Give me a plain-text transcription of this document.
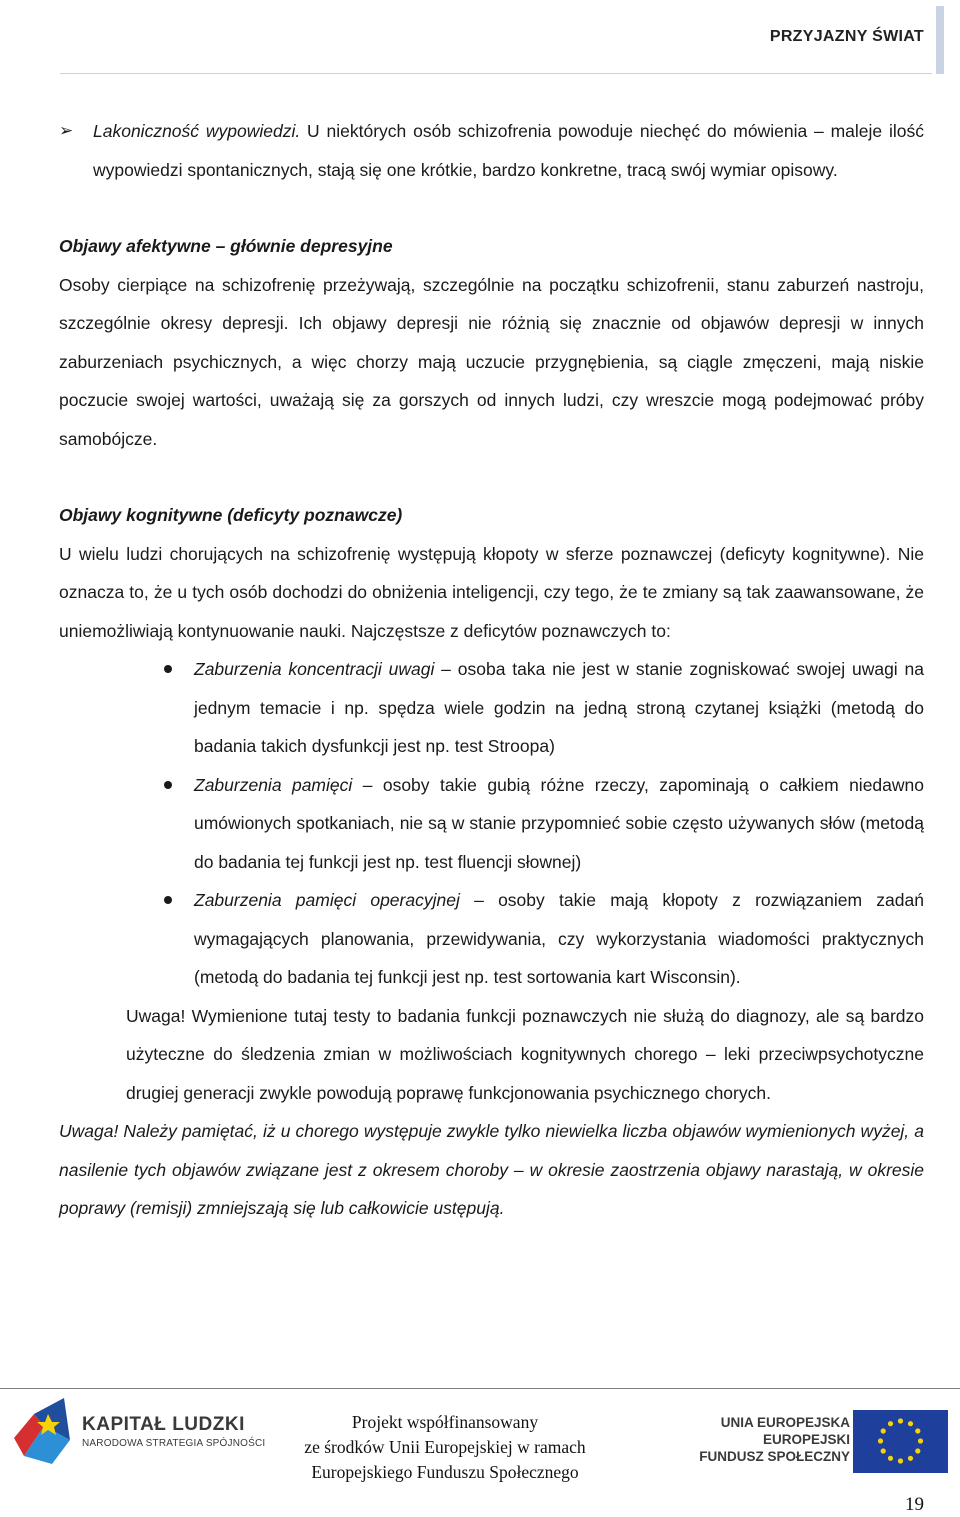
PRZYJAZNY ŚWIAT

➢ Lakoniczność wypowiedzi. U niektórych osób schizofrenia powoduje niechęć do mówienia – maleje ilość wypowiedzi spontanicznych, stają się one krótkie, bardzo konkretne, tracą swój wymiar opisowy.

Objawy afektywne – głównie depresyjne

Osoby cierpiące na schizofrenię przeżywają, szczególnie na początku schizofrenii, stanu zaburzeń nastroju, szczególnie okresy depresji. Ich objawy depresji nie różnią się znacznie od objawów depresji w innych zaburzeniach psychicznych, a więc chorzy mają uczucie przygnębienia, są ciągle zmęczeni, mają niskie poczucie swojej wartości, uważają się za gorszych od innych ludzi, czy wreszcie mogą podejmować próby samobójcze.

Objawy kognitywne (deficyty poznawcze)

U wielu ludzi chorujących na schizofrenię występują kłopoty w sferze poznawczej (deficyty kognitywne). Nie oznacza to, że u tych osób dochodzi do obniżenia inteligencji, czy tego, że te zmiany są tak zaawansowane, że uniemożliwiają kontynuowanie nauki. Najczęstsze z deficytów poznawczych to:

Zaburzenia koncentracji uwagi – osoba taka nie jest w stanie zogniskować swojej uwagi na jednym temacie i np. spędza wiele godzin na jedną stroną czytanej książki (metodą do badania takich dysfunkcji jest np. test Stroopa)
Zaburzenia pamięci – osoby takie gubią różne rzeczy, zapominają o całkiem niedawno umówionych spotkaniach, nie są w stanie przypomnieć sobie często używanych słów (metodą do badania tej funkcji jest np. test fluencji słownej)
Zaburzenia pamięci operacyjnej – osoby takie mają kłopoty z rozwiązaniem zadań wymagających planowania, przewidywania, czy wykorzystania wiadomości praktycznych (metodą do badania tej funkcji jest np. test sortowania kart Wisconsin).

Uwaga! Wymienione tutaj testy to badania funkcji poznawczych nie służą do diagnozy, ale są bardzo użyteczne do śledzenia zmian w możliwościach kognitywnych chorego – leki przeciwpsychotyczne drugiej generacji zwykle powodują poprawę funkcjonowania psychicznego chorych.

Uwaga! Należy pamiętać, iż u chorego występuje zwykle tylko niewielka liczba objawów wymienionych wyżej, a nasilenie tych objawów związane jest z okresem choroby – w okresie zaostrzenia objawy narastają, w okresie poprawy (remisji) zmniejszają się lub całkowicie ustępują.

KAPITAŁ LUDZKI
NARODOWA STRATEGIA SPÓJNOŚCI
Projekt współfinansowany
ze środków Unii Europejskiej w ramach
Europejskiego Funduszu Społecznego
UNIA EUROPEJSKA
EUROPEJSKI
FUNDUSZ SPOŁECZNY
19
